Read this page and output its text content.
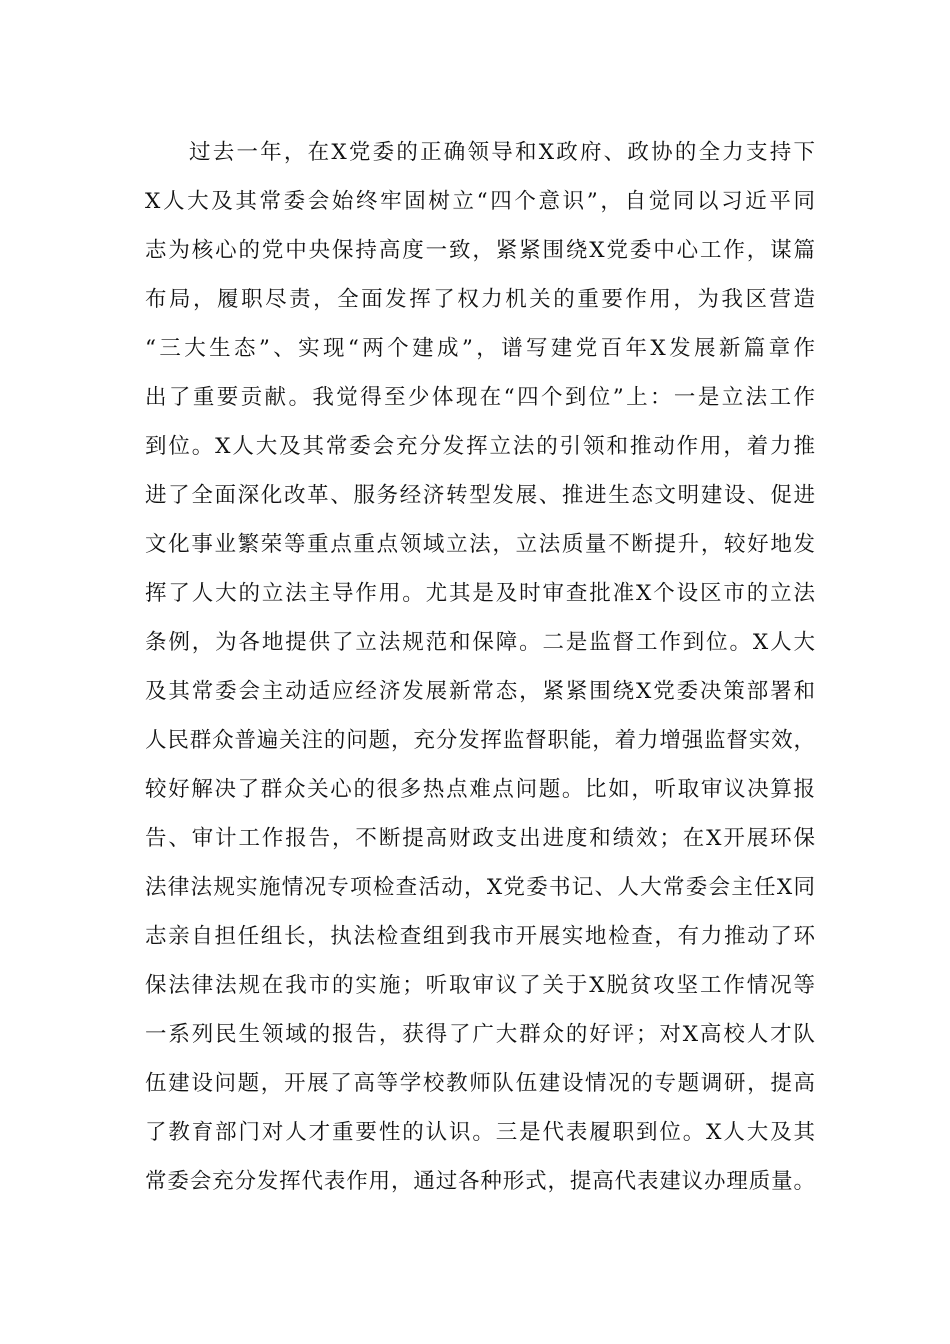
过去一年，在X党委的正确领导和X政府、政协的全力支持下
X人大及其常委会始终牢固树立“四个意识”，自觉同以习近平同
志为核心的党中央保持高度一致，紧紧围绕X党委中心工作，谋篇
布局，履职尽责，全面发挥了权力机关的重要作用，为我区营造
“三大生态”、实现“两个建成”，谱写建党百年X发展新篇章作
出了重要贡献。我觉得至少体现在“四个到位”上：一是立法工作
到位。X人大及其常委会充分发挥立法的引领和推动作用，着力推
进了全面深化改革、服务经济转型发展、推进生态文明建设、促进
文化事业繁荣等重点重点领域立法，立法质量不断提升，较好地发
挥了人大的立法主导作用。尤其是及时审查批准X个设区市的立法
条例，为各地提供了立法规范和保障。二是监督工作到位。X人大
及其常委会主动适应经济发展新常态，紧紧围绕X党委决策部署和
人民群众普遍关注的问题，充分发挥监督职能，着力增强监督实效，
较好解决了群众关心的很多热点难点问题。比如，听取审议决算报
告、审计工作报告，不断提高财政支出进度和绩效；在X开展环保
法律法规实施情况专项检查活动，X党委书记、人大常委会主任X同
志亲自担任组长，执法检查组到我市开展实地检查，有力推动了环
保法律法规在我市的实施；听取审议了关于X脱贫攻坚工作情况等
一系列民生领域的报告，获得了广大群众的好评；对X高校人才队
伍建设问题，开展了高等学校教师队伍建设情况的专题调研，提高
了教育部门对人才重要性的认识。三是代表履职到位。X人大及其
常委会充分发挥代表作用，通过各种形式，提高代表建议办理质量。
